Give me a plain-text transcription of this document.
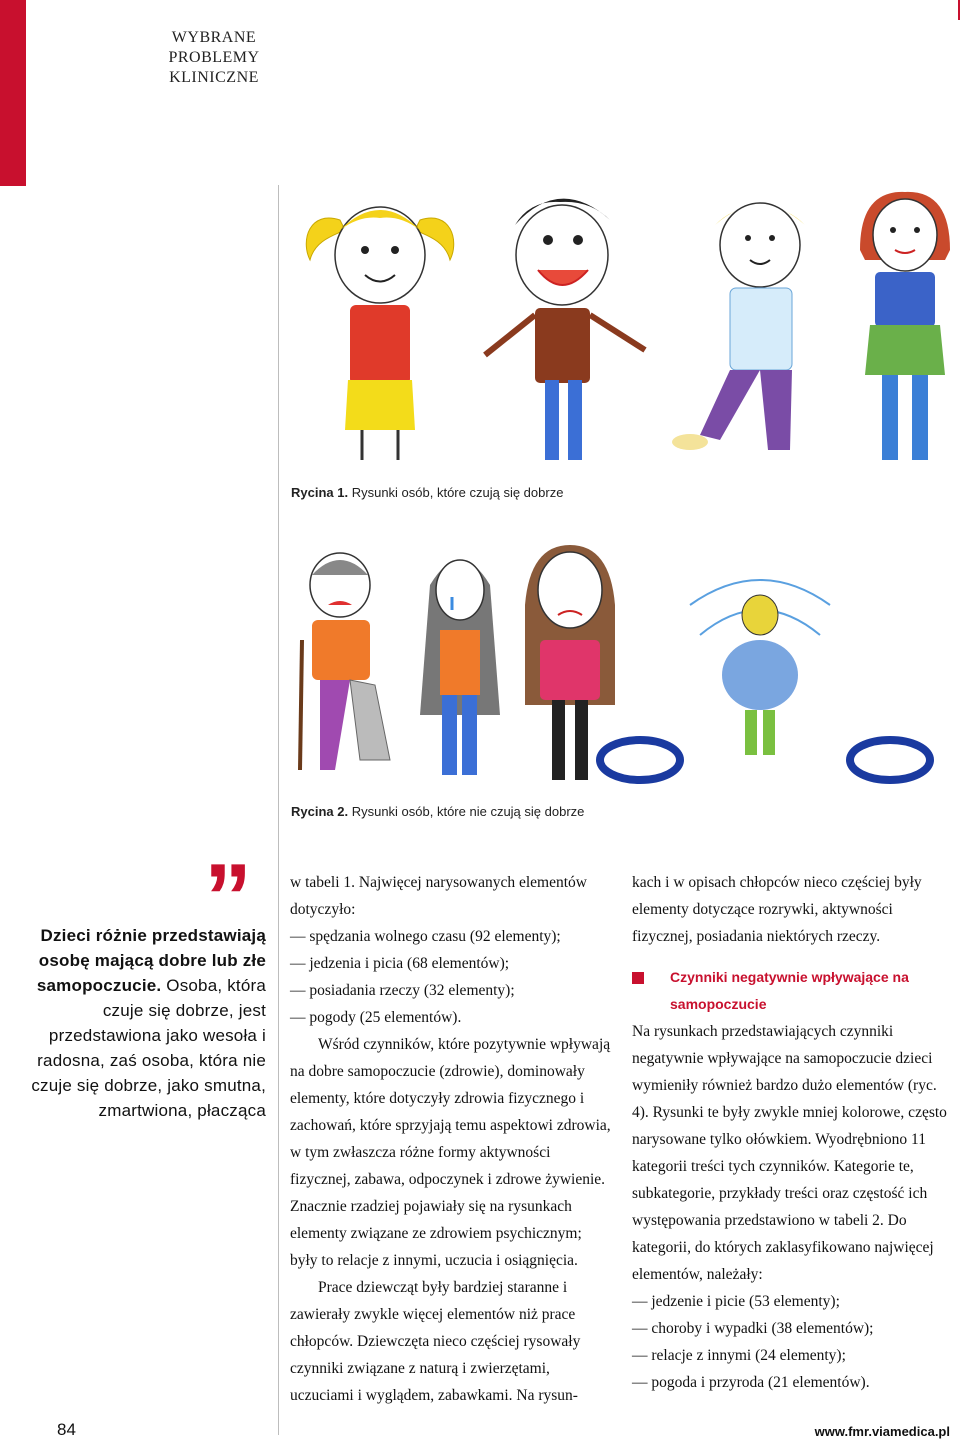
WYBRANE PROBLEMY KLINICZNE
Rycina 1. Rysunki osób, które czują się dobrze
Rycina 2. Rysunki osób, które nie czują się dobrze
”
Dzieci różnie przedstawiają osobę mającą dobre lub złe samopoczucie. Osoba, która czuje się dobrze, jest przedstawiona jako wesoła i radosna, zaś osoba, która nie czuje się dobrze, jako smutna, zmartwiona, płacząca

w tabeli 1. Najwięcej narysowanych elementów dotyczyło:

— spędzania wolnego czasu (92 elementy);

— jedzenia i picia (68 elementów);

— posiadania rzeczy (32 elementy);

— pogody (25 elementów).

Wśród czynników, które pozytywnie wpływają na dobre samopoczucie (zdrowie), dominowały elementy, które dotyczyły zdrowia fizycznego i zachowań, które sprzyjają temu aspektowi zdrowia, w tym zwłaszcza różne formy aktywności fizycznej, zabawa, odpoczynek i zdrowe żywienie. Znacznie rzadziej pojawiały się na rysunkach elementy związane ze zdrowiem psychicznym; były to relacje z innymi, uczucia i osiągnięcia.

Prace dziewcząt były bardziej staranne i zawierały zwykle więcej elementów niż prace chłopców. Dziewczęta nieco częściej rysowały czynniki związane z naturą i zwierzętami, uczuciami i wyglądem, zabawkami. Na rysun-

kach i w opisach chłopców nieco częściej były elementy dotyczące rozrywki, aktywności fizycznej, posiadania niektórych rzeczy.

Czynniki negatywnie wpływające na samopoczucie

Na rysunkach przedstawiających czynniki negatywnie wpływające na samopoczucie dzieci wymieniły również bardzo dużo elementów (ryc. 4). Rysunki te były zwykle mniej kolorowe, często narysowane tylko ołówkiem. Wyodrębniono 11 kategorii treści tych czynników. Kategorie te, subkategorie, przykłady treści oraz częstość ich występowania przedstawiono w tabeli 2. Do kategorii, do których zaklasyfikowano najwięcej elementów, należały:

— jedzenie i picie (53 elementy);

— choroby i wypadki (38 elementów);

— relacje z innymi (24 elementy);

— pogoda i przyroda (21 elementów).

84	www.fmr.viamedica.pl
